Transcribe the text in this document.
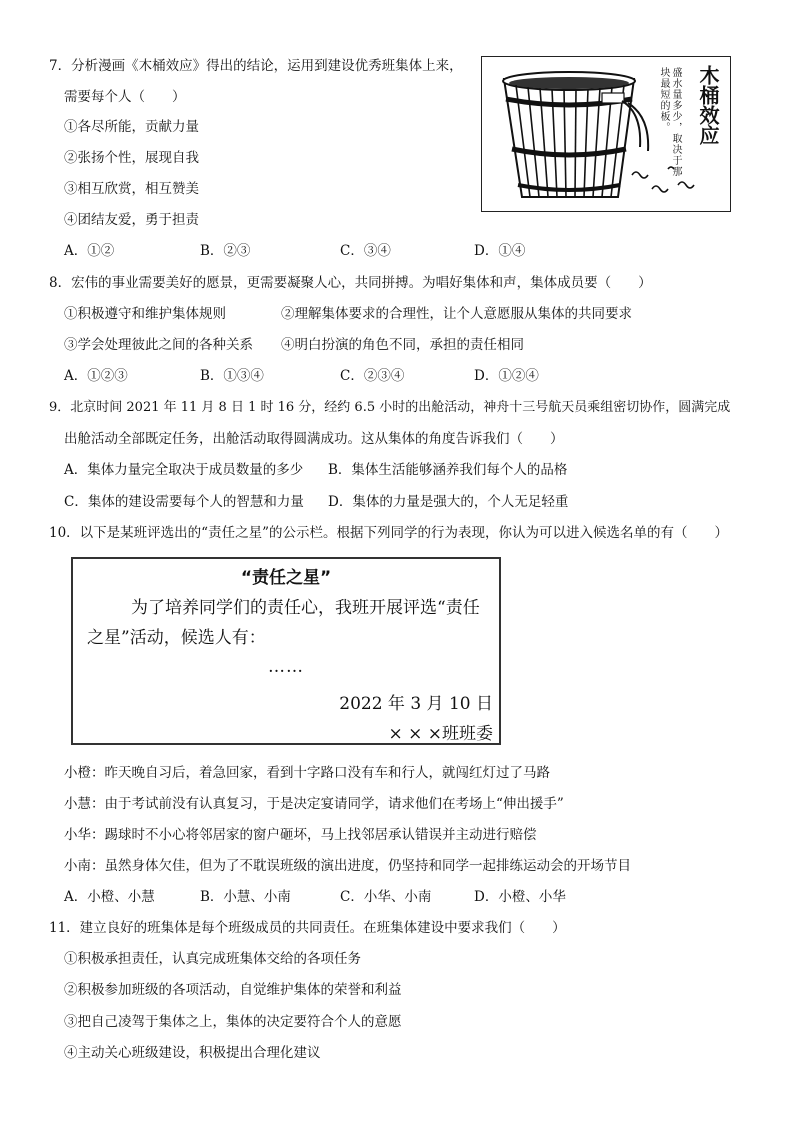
7．分析漫画《木桶效应》得出的结论，运用到建设优秀班集体上来，
需要每个人（　　）
①各尽所能，贡献力量
②张扬个性，展现自我
③相互欣赏，相互赞美
④团结友爱，勇于担责
A．①②	B．②③	C．③④	D．①④
木桶效应
盛水量多少，取决于那块最短的板。
8．宏伟的事业需要美好的愿景，更需要凝聚人心，共同拼搏。为唱好集体和声，集体成员要（　　）
①积极遵守和维护集体规则	②理解集体要求的合理性，让个人意愿服从集体的共同要求
③学会处理彼此之间的各种关系 ④明白扮演的角色不同，承担的责任相同
A．①②③	B．①③④	C．②③④	D．①②④
9．北京时间 2021 年 11 月 8 日 1 时 16 分，经约 6.5 小时的出舱活动，神舟十三号航天员乘组密切协作，圆满完成
出舱活动全部既定任务，出舱活动取得圆满成功。这从集体的角度告诉我们（　　）
A．集体力量完全取决于成员数量的多少 B．集体生活能够涵养我们每个人的品格
C．集体的建设需要每个人的智慧和力量 D．集体的力量是强大的，个人无足轻重
10．以下是某班评选出的“责任之星”的公示栏。根据下列同学的行为表现，你认为可以进入候选名单的有（　　）
“责任之星”
为了培养同学们的责任心，我班开展评选“责任之星”活动，候选人有：
……
2022 年 3 月 10 日
× × ×班班委
小橙：昨天晚自习后，着急回家，看到十字路口没有车和行人，就闯红灯过了马路
小慧：由于考试前没有认真复习，于是决定宴请同学，请求他们在考场上“伸出援手”
小华：踢球时不小心将邻居家的窗户砸坏，马上找邻居承认错误并主动进行赔偿
小南：虽然身体欠佳，但为了不耽误班级的演出进度，仍坚持和同学一起排练运动会的开场节目
A．小橙、小慧	B．小慧、小南	C．小华、小南	D．小橙、小华
11．建立良好的班集体是每个班级成员的共同责任。在班集体建设中要求我们（　　）
①积极承担责任，认真完成班集体交给的各项任务
②积极参加班级的各项活动，自觉维护集体的荣誉和利益
③把自己凌驾于集体之上，集体的决定要符合个人的意愿
④主动关心班级建设，积极提出合理化建议
